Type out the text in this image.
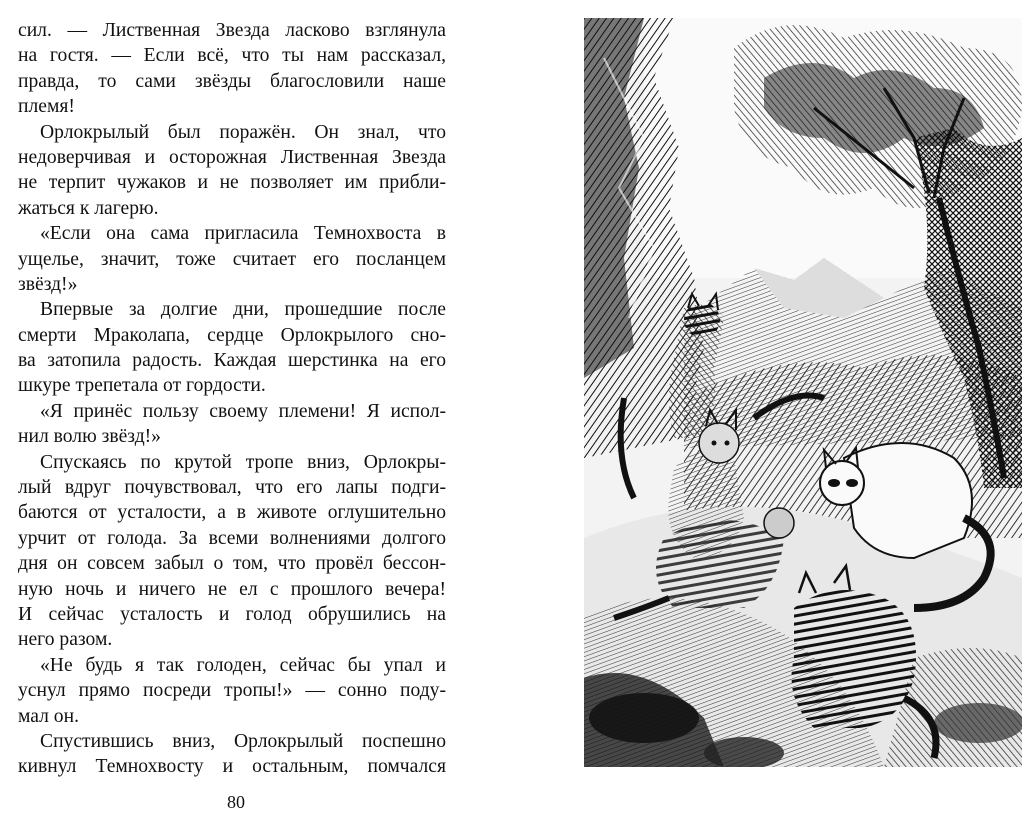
сил. — Лиственная Звезда ласково взглянула
на гостя. — Если всё, что ты нам рассказал,
правда, то сами звёзды благословили наше
племя!
Орлокрылый был поражён. Он знал, что
недоверчивая и осторожная Лиственная Звезда
не терпит чужаков и не позволяет им прибли-
жаться к лагерю.
«Если она сама пригласила Темнохвоста в
ущелье, значит, тоже считает его посланцем
звёзд!»
Впервые за долгие дни, прошедшие после
смерти Мраколапа, сердце Орлокрылого сно-
ва затопила радость. Каждая шерстинка на его
шкуре трепетала от гордости.
«Я принёс пользу своему племени! Я испол-
нил волю звёзд!»
Спускаясь по крутой тропе вниз, Орлокры-
лый вдруг почувствовал, что его лапы подги-
баются от усталости, а в животе оглушительно
урчит от голода. За всеми волнениями долгого
дня он совсем забыл о том, что провёл бессон-
ную ночь и ничего не ел с прошлого вечера!
И сейчас усталость и голод обрушились на
него разом.
«Не будь я так голоден, сейчас бы упал и
уснул прямо посреди тропы!» — сонно поду-
мал он.
Спустившись вниз, Орлокрылый поспешно
кивнул Темнохвосту и остальным, помчался
80
